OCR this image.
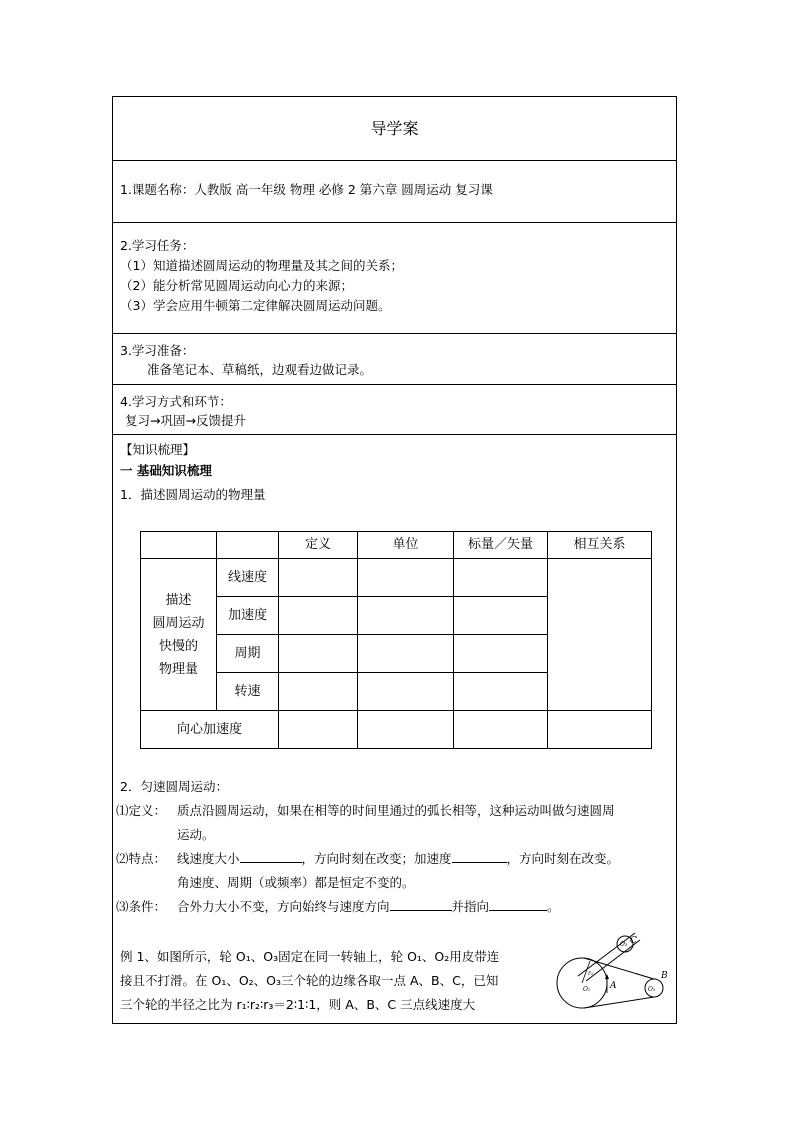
导学案
1.课题名称：人教版 高一年级 物理 必修 2 第六章 圆周运动 复习课
2.学习任务：
（1）知道描述圆周运动的物理量及其之间的关系；
（2）能分析常见圆周运动向心力的来源；
（3）学会应用牛顿第二定律解决圆周运动问题。
3.学习准备：
准备笔记本、草稿纸，边观看边做记录。
4.学习方式和环节：
复习→巩固→反馈提升
【知识梳理】
一 基础知识梳理
1．描述圆周运动的物理量
		定义	单位	标量／矢量	相互关系

描述
圆周运动
快慢的
物理量	线速度				
	加速度				
	周期				
	转速				
向心加速度					
2．匀速圆周运动：
⑴定义： 质点沿圆周运动，如果在相等的时间里通过的弧长相等，这种运动叫做匀速圆周
运动。
⑵特点： 线速度大小	，方向时刻在改变；加速度	，方向时刻在改变。
角速度、周期（或频率）都是恒定不变的。
⑶条件： 合外力大小不变，方向始终与速度方向	并指向	。
例 1、如图所示，轮 O₁、O₃固定在同一转轴上，轮 O₁、O₂用皮带连
接且不打滑。在 O₁、O₂、O₃三个轮的边缘各取一点 A、B、C，已知
三个轮的半径之比为 r₁∶r₂∶r₃＝2∶1∶1，则 A、B、C 三点线速度大
C
O₃
B
O₂
A
O₁
r₁
